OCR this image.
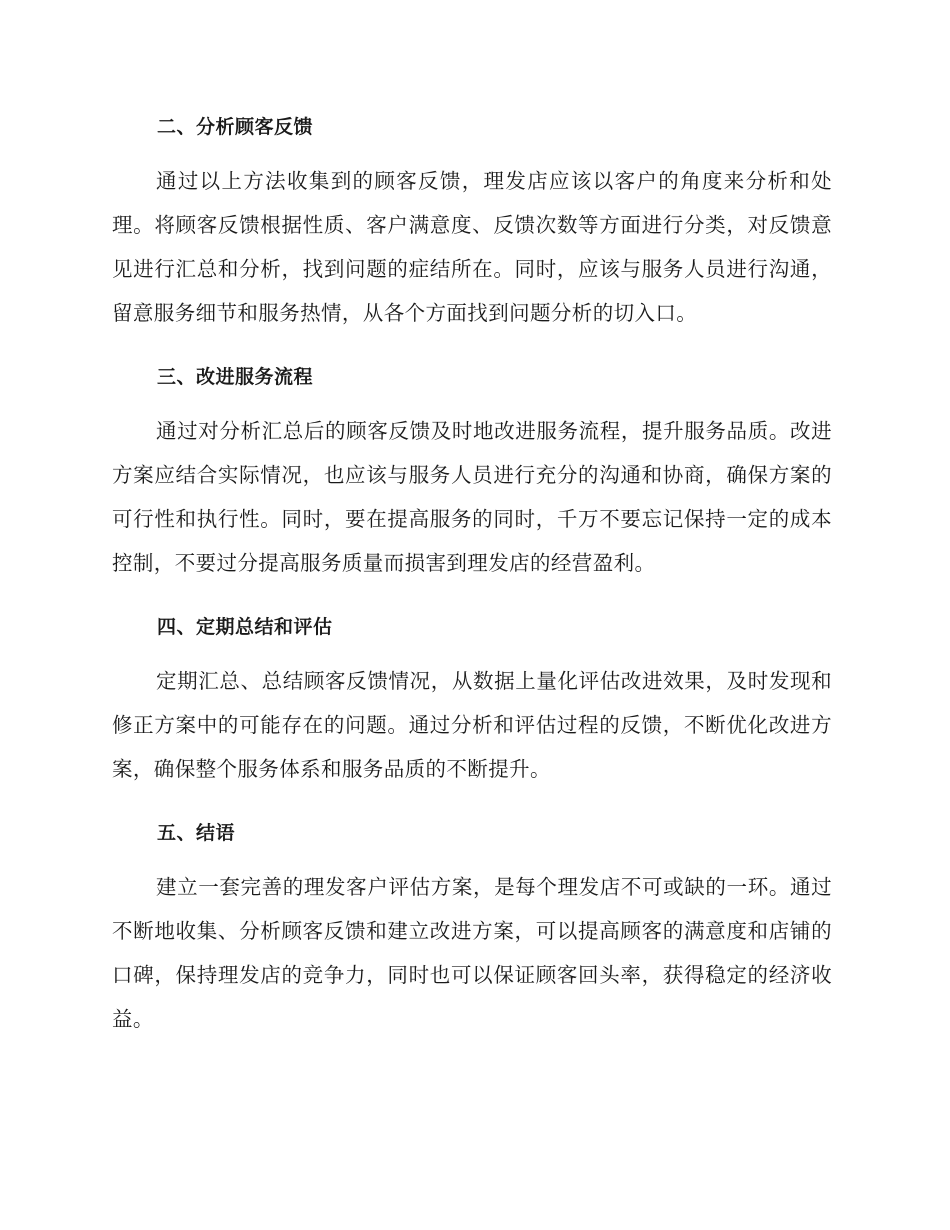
二、分析顾客反馈

通过以上方法收集到的顾客反馈，理发店应该以客户的角度来分析和处理。将顾客反馈根据性质、客户满意度、反馈次数等方面进行分类，对反馈意见进行汇总和分析，找到问题的症结所在。同时，应该与服务人员进行沟通，留意服务细节和服务热情，从各个方面找到问题分析的切入口。

三、改进服务流程

通过对分析汇总后的顾客反馈及时地改进服务流程，提升服务品质。改进方案应结合实际情况，也应该与服务人员进行充分的沟通和协商，确保方案的可行性和执行性。同时，要在提高服务的同时，千万不要忘记保持一定的成本控制，不要过分提高服务质量而损害到理发店的经营盈利。

四、定期总结和评估

定期汇总、总结顾客反馈情况，从数据上量化评估改进效果，及时发现和修正方案中的可能存在的问题。通过分析和评估过程的反馈，不断优化改进方案，确保整个服务体系和服务品质的不断提升。

五、结语

建立一套完善的理发客户评估方案，是每个理发店不可或缺的一环。通过不断地收集、分析顾客反馈和建立改进方案，可以提高顾客的满意度和店铺的口碑，保持理发店的竞争力，同时也可以保证顾客回头率，获得稳定的经济收益。
